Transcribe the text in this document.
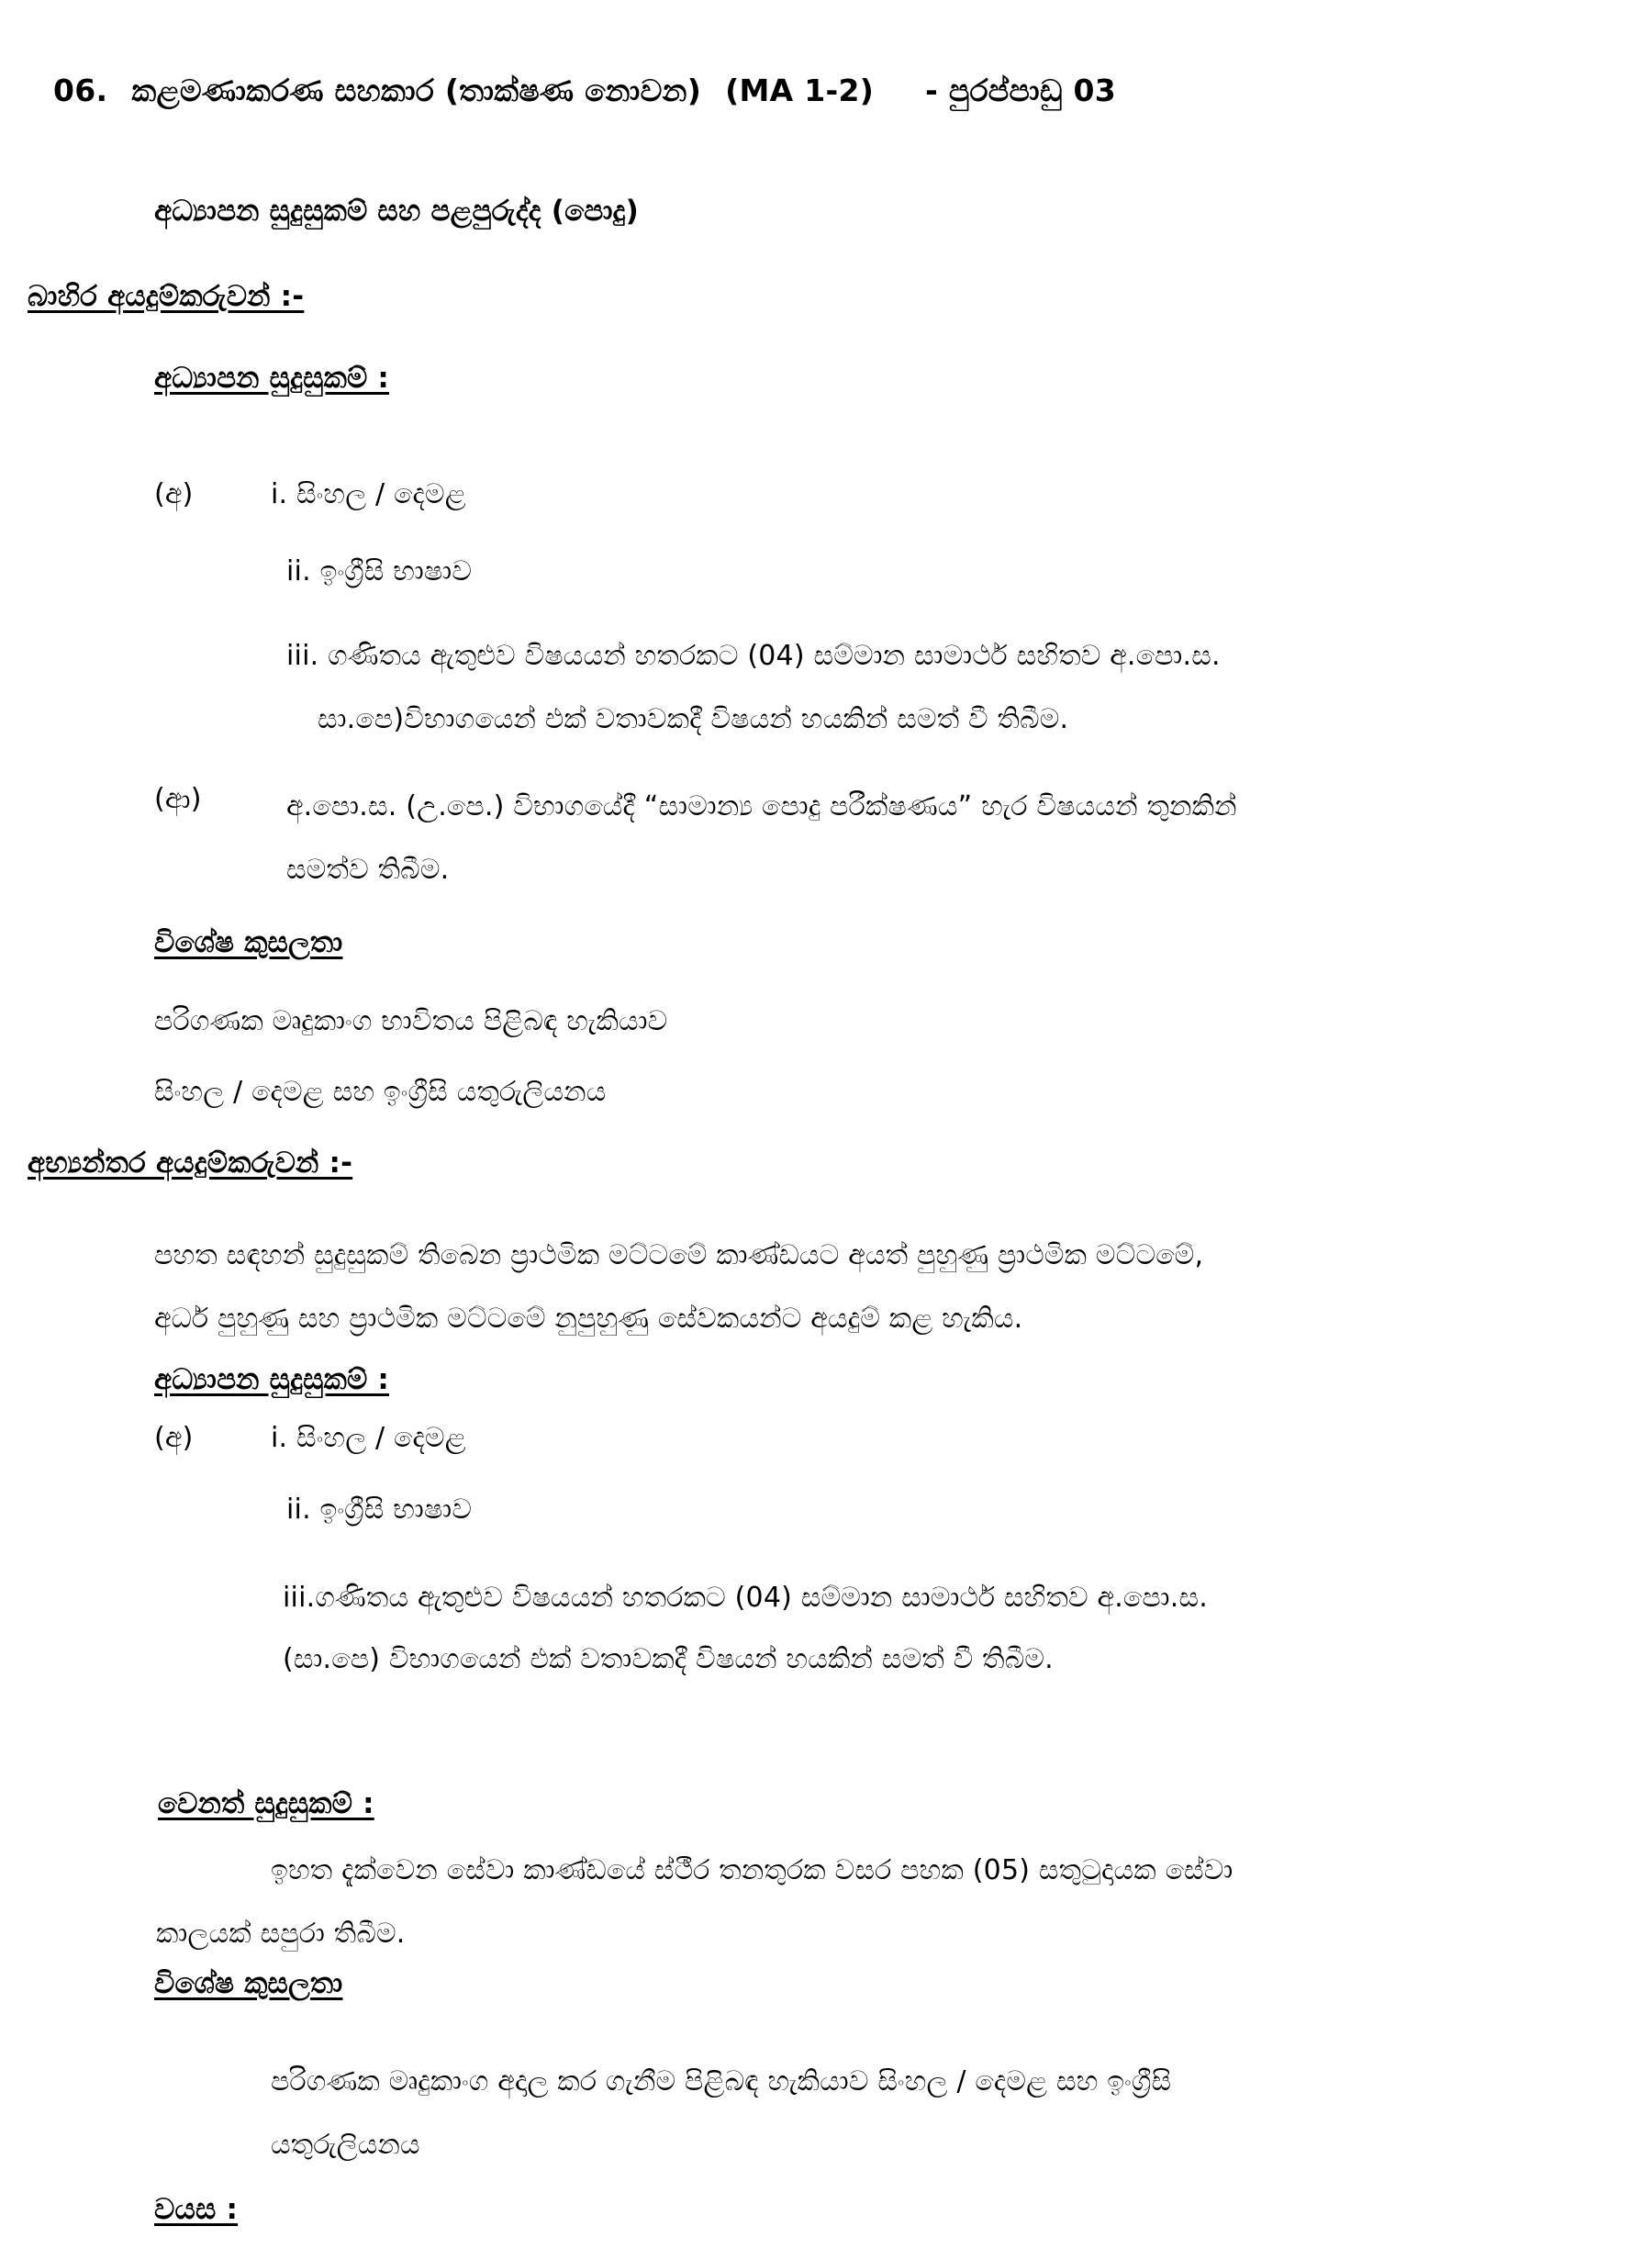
06. කළමණාකරණ සහකාර (තාක්ෂණ නොවන) (MA 1-2) - පුරප්පාඩු 03
අධ්‍යාපන සුදුසුකම් සහ පළපුරුද්ද (පොදු)
බාහිර අයදුම්කරුවන් :-
අධ්‍යාපන සුදුසුකම් :
(අ)	i. සිංහල / දෙමළ
ii. ඉංග්‍රීසි භාෂාව
iii. ගණිතය ඇතුළුව විෂයයන් හතරකට (04) සම්මාන සාමාර්ථ සහිතව අ.පො.ස.
සා.පෙ)විභාගයෙන් එක් වතාවකදී විෂයන් හයකින් සමත් වී තිබීම.
(ආ)	අ.පො.ස. (උ.පෙ.) විභාගයේදී “සාමාන්‍ය පොදු පරීක්ෂණය” හැර විෂයයන් තුනකින්
සමත්ව තිබීම.
විශේෂ කුසලතා
පරිගණක මෘදුකාංග භාවිතය පිළිබඳ හැකියාව
සිංහල / දෙමළ සහ ඉංග්‍රීසි යතුරුලියනය
අභ්‍යන්තර අයදුම්කරුවන් :-
පහත සඳහන් සුදුසුකම් තිබෙන ප්‍රාථමික මට්ටමේ කාණ්ඩයට අයත් පුහුණු ප්‍රාථමික මට්ටමේ,
අර්ධ පුහුණු සහ ප්‍රාථමික මට්ටමේ නුපුහුණු සේවකයන්ට අයදුම් කළ හැකිය.
අධ්‍යාපන සුදුසුකම් :
(අ)	i. සිංහල / දෙමළ
ii. ඉංග්‍රීසි භාෂාව
iii.ගණිතය ඇතුළුව විෂයයන් හතරකට (04) සම්මාන සාමාර්ථ සහිතව අ.පො.ස.
(සා.පෙ) විභාගයෙන් එක් වතාවකදී විෂයන් හයකින් සමත් වී තිබීම.
වෙනත් සුදුසුකම් :
ඉහත දැක්වෙන සේවා කාණ්ඩයේ ස්ථීර තනතුරක වසර පහක (05) සතුටුදායක සේවා
කාලයක් සපුරා තිබීම.
විශේෂ කුසලතා
පරිගණක මෘදුකාංග අදාල කර ගැනීම පිළිබඳ හැකියාව සිංහල / දෙමළ සහ ඉංග්‍රීසි
යතුරුලියනය
වයස :
